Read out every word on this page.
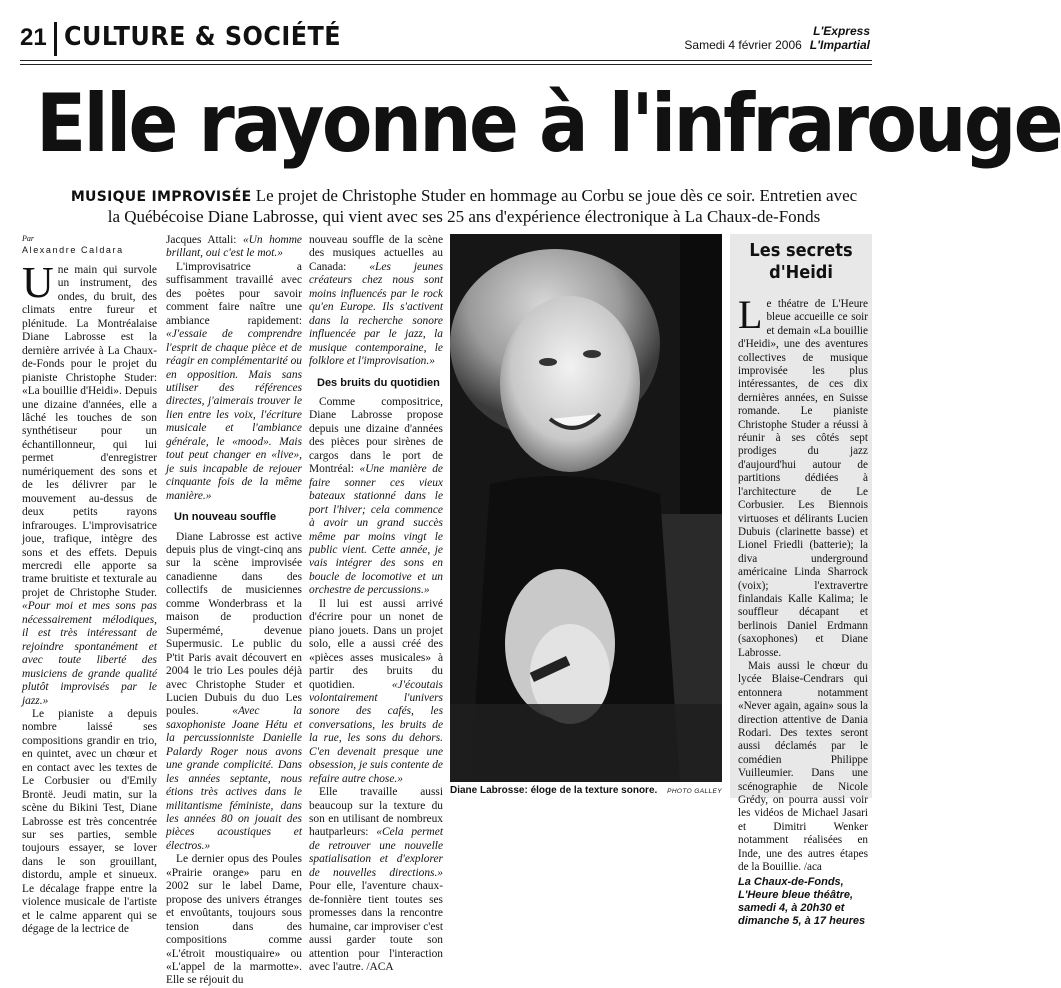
21 CULTURE & SOCIÉTÉ	L'Express
Samedi 4 février 2006 L'Impartial
Elle rayonne à l'infrarouge
MUSIQUE IMPROVISÉE Le projet de Christophe Studer en hommage au Corbu se joue dès ce soir. Entretien avec la Québécoise Diane Labrosse, qui vient avec ses 25 ans d'expérience électronique à La Chaux-de-Fonds
Par
Alexandre Caldara

Une main qui survole un instrument, des ondes, du bruit, des climats entre fureur et plénitude. La Montréalaise Diane Labrosse est la dernière arrivée à La Chaux-de-Fonds pour le projet du pianiste Christophe Studer: «La bouillie d'Heidi». Depuis une dizaine d'années, elle a lâché les touches de son synthétiseur pour un échantillonneur, qui lui permet d'enregistrer numériquement des sons et de les délivrer par le mouvement au-dessus de deux petits rayons infrarouges. L'improvisatrice joue, trafique, intègre des sons et des effets. Depuis mercredi elle apporte sa trame bruitiste et texturale au projet de Christophe Studer. «Pour moi et mes sons pas nécessairement mélodiques, il est très intéressant de rejoindre spontanément et avec toute liberté des musiciens de grande qualité plutôt improvisés par le jazz.»

Le pianiste a depuis nombre laissé ses compositions grandir en trio, en quintet, avec un chœur et en contact avec les textes de Le Corbusier ou d'Emily Brontë. Jeudi matin, sur la scène du Bikini Test, Diane Labrosse est très concentrée sur ses parties, semble toujours essayer, se lover dans le son grouillant, distordu, ample et sinueux. Le décalage frappe entre la violence musicale de l'artiste et le calme apparent qui se dégage de la lectrice de

Jacques Attali: «Un homme brillant, oui c'est le mot.»

L'improvisatrice a suffisamment travaillé avec des poètes pour savoir comment faire naître une ambiance rapidement: «J'essaie de comprendre l'esprit de chaque pièce et de réagir en complémentarité ou en opposition. Mais sans utiliser des références directes, j'aimerais trouver le lien entre les voix, l'écriture musicale et l'ambiance générale, le «mood». Mais tout peut changer en «live», je suis incapable de rejouer cinquante fois de la même manière.»

Un nouveau souffle

Diane Labrosse est active depuis plus de vingt-cinq ans sur la scène improvisée canadienne dans des collectifs de musiciennes comme Wonderbrass et la maison de production Supermémé, devenue Supermusic. Le public du P'tit Paris avait découvert en 2004 le trio Les poules déjà avec Christophe Studer et Lucien Dubuis du duo Les poules.	«Avec la saxophoniste Joane Hétu et la percussionniste Danielle Palardy Roger nous avons une grande complicité. Dans les années septante, nous étions très actives dans le militantisme féministe, dans les années 80 on jouait des pièces acoustiques et électros.»

Le dernier opus des Poules «Prairie orange» paru en 2002 sur le label Dame, propose des univers étranges et envoûtants, toujours sous tension dans des compositions comme «L'étroit moustiquaire» ou «L'appel de la marmotte». Elle se réjouit du

nouveau souffle de la scène des musiques actuelles au Canada: «Les jeunes créateurs chez nous sont moins influencés par le rock qu'en Europe. Ils s'activent dans la recherche sonore influencée par le jazz, la musique contemporaine, le folklore et l'improvisation.»

Des bruits du quotidien

Comme compositrice, Diane Labrosse propose depuis une dizaine d'années des pièces pour sirènes de cargos dans le port de Montréal: «Une manière de faire sonner ces vieux bateaux stationné dans le port l'hiver; cela commence à avoir un grand succès même par moins vingt le public vient. Cette année, je vais intégrer des sons en boucle de locomotive et un orchestre de percussions.»

Il lui est aussi arrivé d'écrire pour un nonet de piano jouets. Dans un projet solo, elle a aussi créé des «pièces asses musicales» à partir des bruits du quotidien.	«J'écoutais volontairement l'univers sonore des cafés, les conversations, les bruits de la rue, les sons du dehors. C'en devenait presque une obsession, je suis contente de refaire autre chose.»

Elle travaille aussi beaucoup sur la texture du son en utilisant de nombreux hautparleurs: «Cela permet de retrouver une nouvelle spatialisation et d'explorer de nouvelles directions.» Pour elle, l'aventure chaux-de-fonnière tient toutes ses promesses dans la rencontre humaine, car improviser c'est aussi garder toute son attention pour l'interaction avec l'autre. /ACA

Diane Labrosse: éloge de la texture sonore. PHOTO GALLEY
Les secrets d'Heidi

Le théatre de L'Heure bleue accueille ce soir et demain «La bouillie d'Heidi», une des aventures collectives de musique improvisée les plus intéressantes, de ces dix dernières années, en Suisse romande. Le pianiste Christophe Studer a réussi à réunir à ses côtés sept prodiges du jazz d'aujourd'hui autour de partitions dédiées à l'architecture de Le Corbusier. Les Biennois virtuoses et délirants Lucien Dubuis (clarinette basse) et Lionel Friedli (batterie); la diva underground américaine Linda Sharrock (voix); l'extravertre finlandais Kalle Kalima; le souffleur décapant et berlinois Daniel Erdmann (saxophones) et Diane Labrosse.

Mais aussi le chœur du lycée Blaise-Cendrars qui entonnera notamment «Never again, again» sous la direction attentive de Dania Rodari. Des textes seront aussi déclamés par le comédien Philippe Vuilleumier. Dans une scénographie de Nicole Grédy, on pourra aussi voir les vidéos de Michael Jasari et Dimitri Wenker notamment réalisées en Inde, une des autres étapes de la Bouillie. /aca

La Chaux-de-Fonds, L'Heure bleue théâtre, samedi 4, à 20h30 et dimanche 5, à 17 heures
